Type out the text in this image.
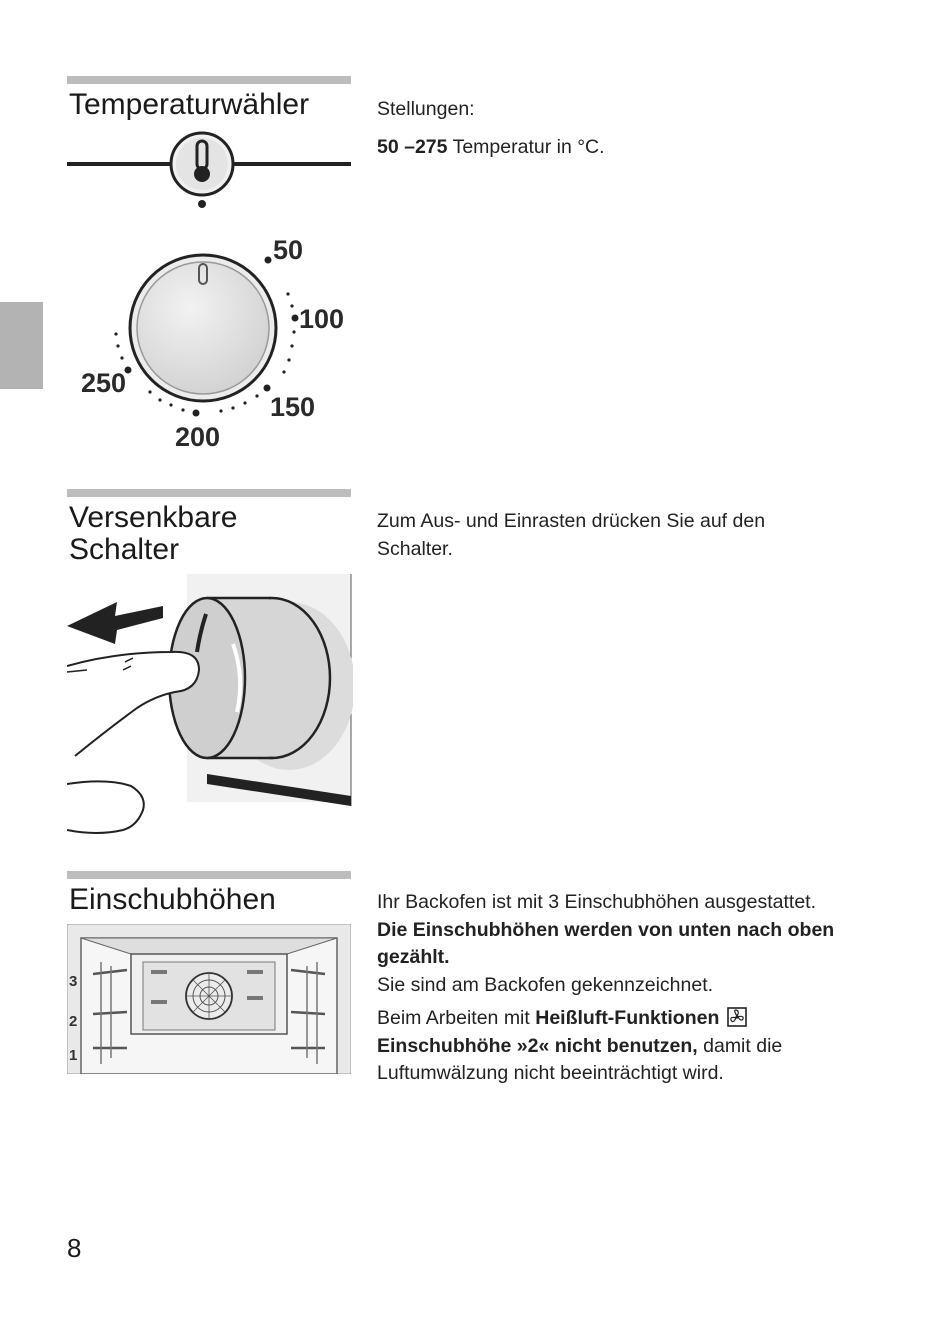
Temperaturwähler
50
100
150
200
250

Stellungen:

50 –275 Temperatur in °C.

Versenkbare
Schalter
Zum Aus- und Einrasten drücken Sie auf den Schalter.
Einschubhöhen
3
2
1

Ihr Backofen ist mit 3 Einschubhöhen ausgestattet.

Die Einschubhöhen werden von unten nach oben gezählt.

Sie sind am Backofen gekennzeichnet.

Beim Arbeiten mit Heißluft-Funktionen

Einschubhöhe »2« nicht benutzen, damit die Luftumwälzung nicht beeinträchtigt wird.

8
